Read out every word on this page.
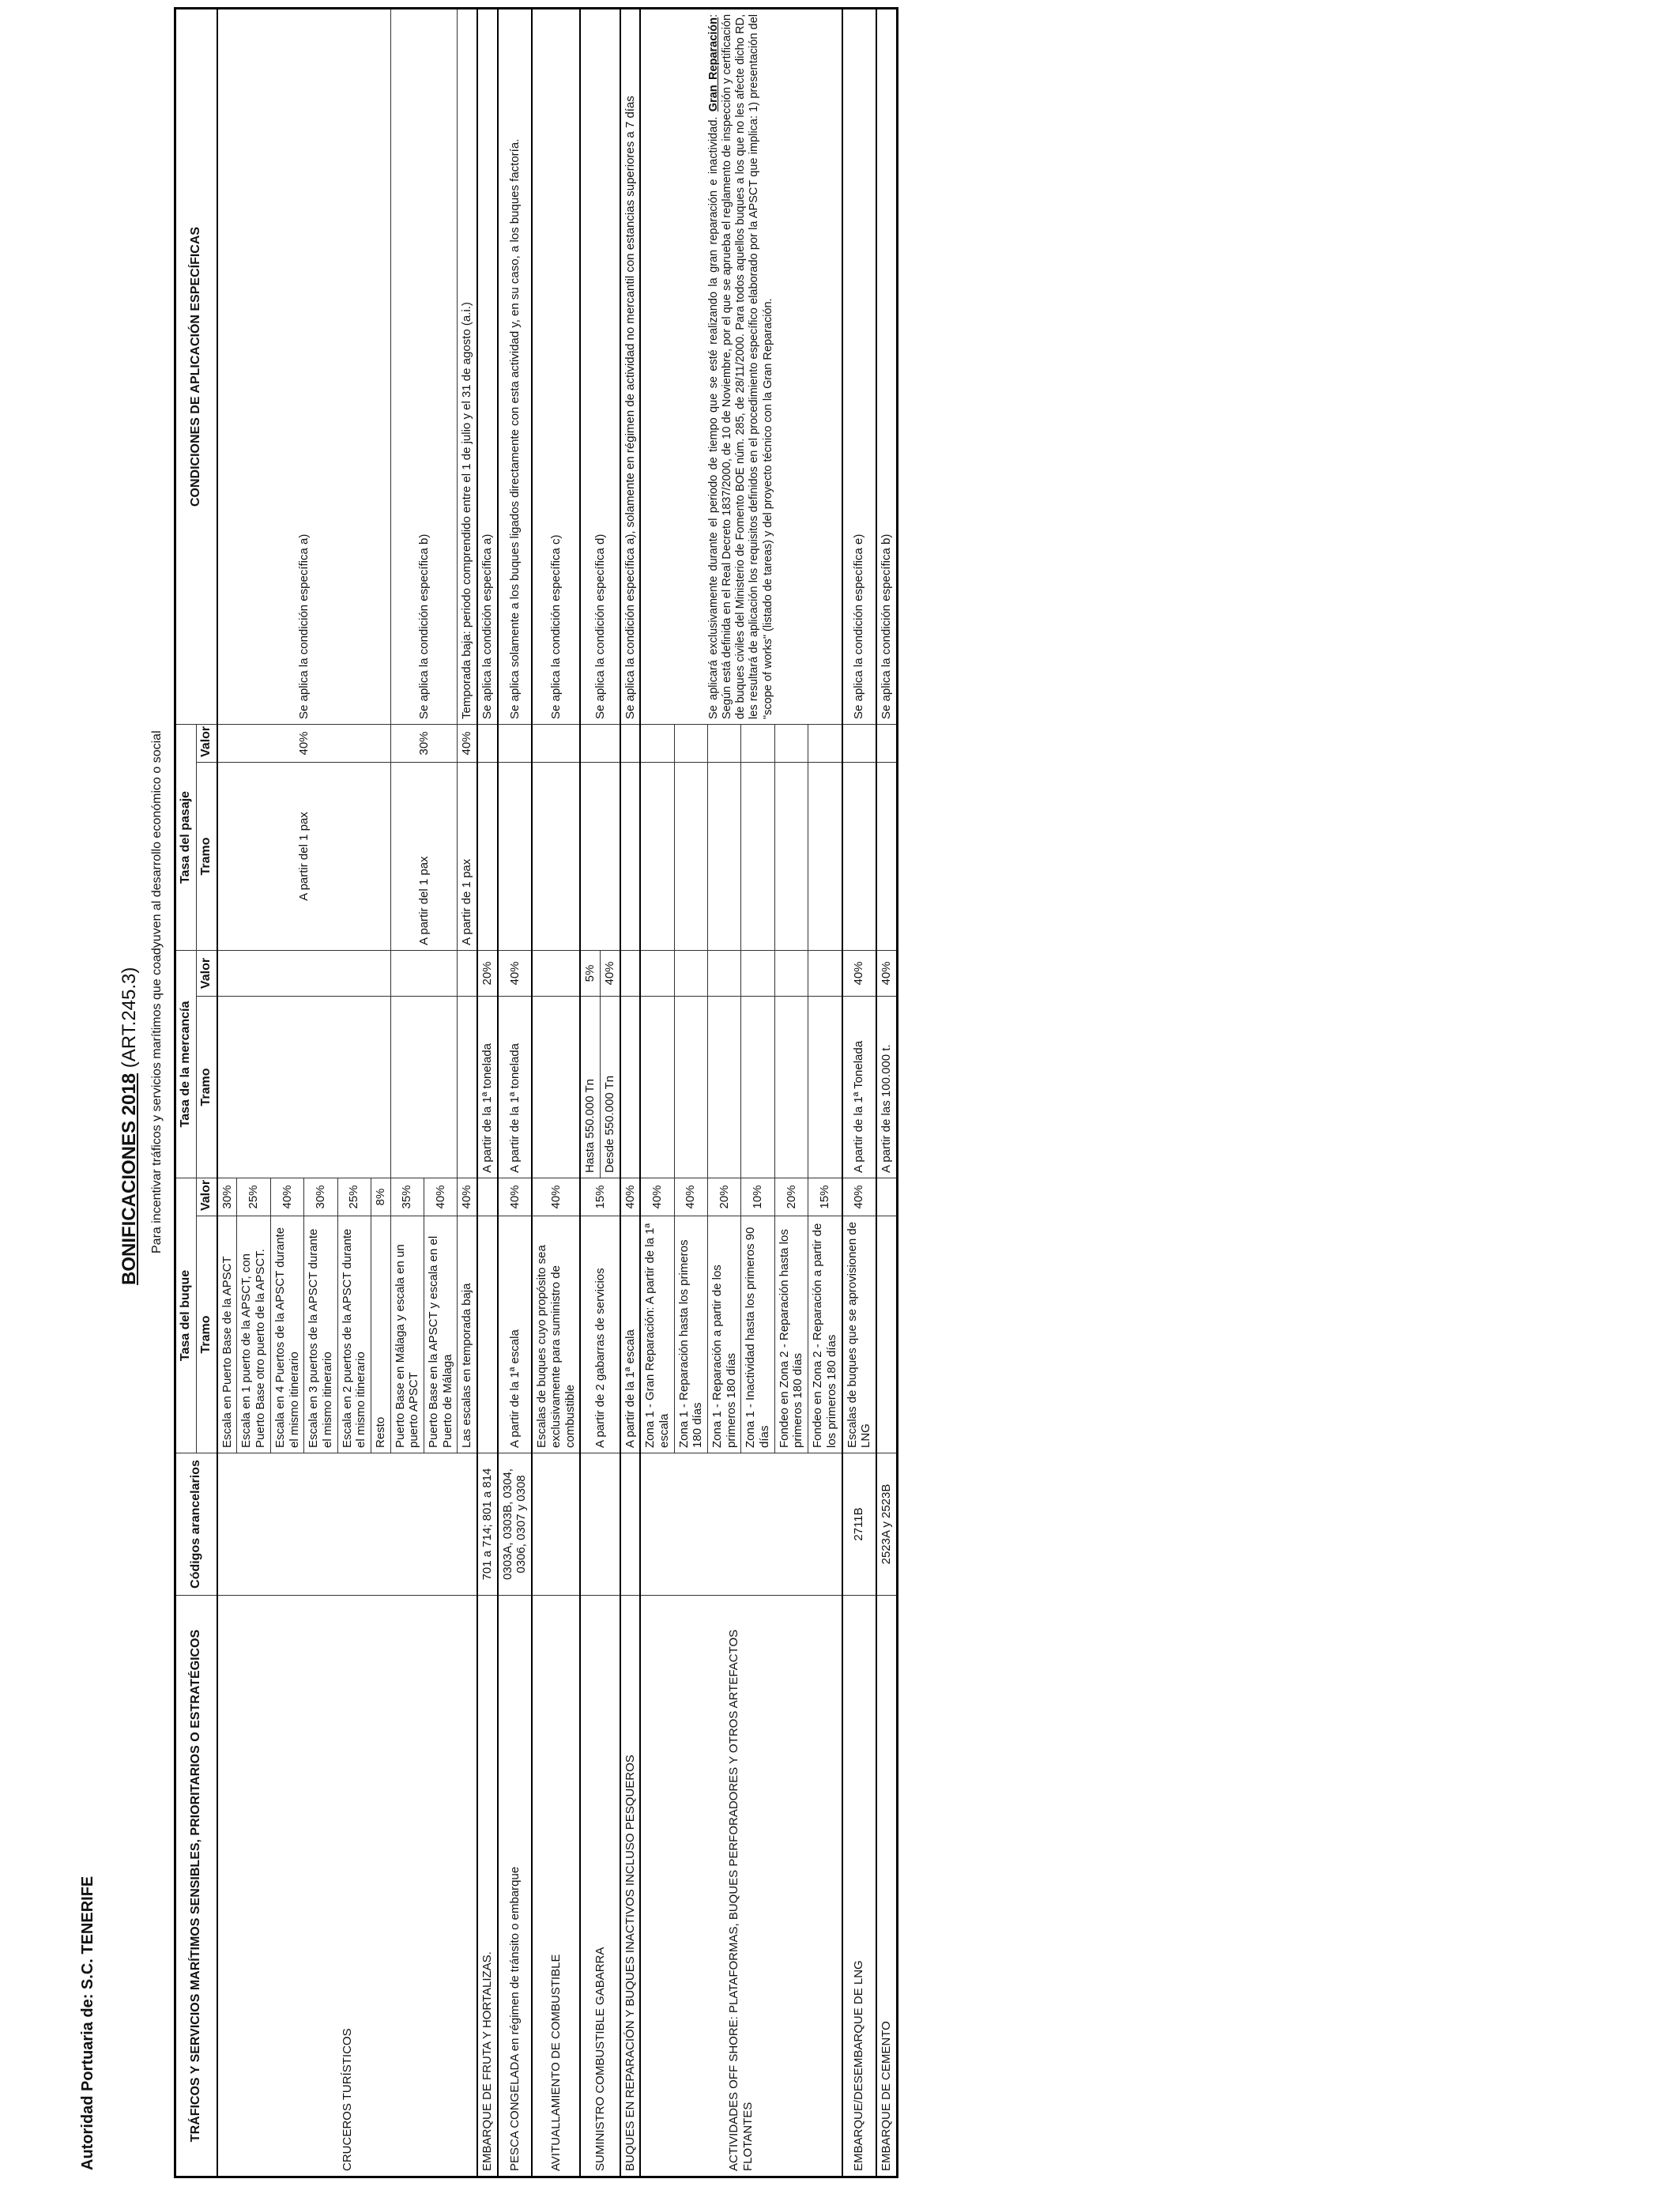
Autoridad Portuaria de: S.C. TENERIFE
BONIFICACIONES 2018 (ART.245.3) Para incentivar tráficos y servicios marítimos que coadyuven al desarrollo económico o social
TRÁFICOS Y SERVICIOS MARÍTIMOS SENSIBLES, PRIORITARIOS O ESTRATÉGICOS	Códigos arancelarios	Tasa del buque		Tasa de la mercancía		Tasa del pasaje		CONDICIONES DE APLICACIÓN ESPECÍFICAS
		Tramo	Valor	Tramo	Valor	Tramo	Valor	
CRUCEROS TURÍSTICOS		Escala en Puerto Base de la APSCT	30%			A partir del 1 pax	40%	Se aplica la condición específica a)
		Escala en 1 puerto de la APSCT, con Puerto Base otro puerto de la APSCT.	25%					
		Escala en 4 Puertos de la APSCT durante el mismo itinerario	40%					
		Escala en 3 puertos de la APSCT durante el mismo itinerario	30%					
		Escala en 2 puertos de la APSCT durante el mismo itinerario	25%					
		Resto	8%					
		Puerto Base en Málaga y escala en un puerto APSCT	35%			A partir del 1 pax	30%	Se aplica la condición específica b)
		Puerto Base en la APSCT y escala en el Puerto de Málaga	40%					
		Las escalas en temporada baja	40%			A partir de 1 pax	40%	Temporada baja: periodo comprendido entre el 1 de julio y el 31 de agosto (a.i.)
EMBARQUE DE FRUTA Y HORTALIZAS.	701 a 714; 801 a 814			A partir de la 1ª tonelada	20%			Se aplica la condición específica a)
PESCA CONGELADA en régimen de tránsito o embarque	0303A, 0303B, 0304, 0306, 0307 y 0308	A partir de la 1ª escala	40%	A partir de la 1ª tonelada	40%			Se aplica solamente a los buques ligados directamente con esta actividad y, en su caso, a los buques factoría.
AVITUALLAMIENTO DE COMBUSTIBLE		Escalas de buques cuyo propósito sea exclusivamente para suministro de combustible	40%					Se aplica la condición específica c)
SUMINISTRO COMBUSTIBLE GABARRA		A partir de 2 gabarras de servicios	15%	Hasta 550.000 Tn	5%			Se aplica la condición específica d)
				Desde 550.000 Tn	40%			
BUQUES EN REPARACIÓN Y BUQUES INACTIVOS INCLUSO PESQUEROS		A partir de la 1ª escala	40%					Se aplica la condición específica a), solamente en régimen de actividad no mercantil con estancias superiores a 7 días
ACTIVIDADES OFF SHORE: PLATAFORMAS, BUQUES PERFORADORES Y OTROS ARTEFACTOS FLOTANTES		Zona 1 - Gran Reparación: A partir de la 1ª escala	40%					Se aplicará exclusivamente durante el periodo de tiempo que se esté realizando la gran reparación e inactividad. Gran Reparación: Según está definida en el Real Decreto 1837/2000, de 10 de Noviembre, por el que se aprueba el reglamento de inspección y certificación de buques civiles del Ministerio de Fomento BOE núm. 285, de 28/11/2000. Para todos aquellos buques a los que no les afecte dicho RD, les resultará de aplicación los requisitos definidos en el procedimiento específico elaborado por la APSCT que implica: 1) presentación del "scope of works" (listado de tareas) y del proyecto técnico con la Gran Reparación.
		Zona 1 - Reparación hasta los primeros 180 días	40%					
		Zona 1 - Reparación a partir de los primeros 180 días	20%					
		Zona 1 - Inactividad hasta los primeros 90 días	10%					
		Fondeo en Zona 2 - Reparación hasta los primeros 180 días	20%					
		Fondeo en Zona 2 - Reparación a partir de los primeros 180 días	15%					
EMBARQUE/DESEMBARQUE DE LNG	2711B	Escalas de buques que se aprovisionen de LNG	40%	A partir de la 1ª Tonelada	40%			Se aplica la condición específica e)
EMBARQUE DE CEMENTO	2523A y 2523B			A partir de las 100.000 t.	40%			Se aplica la condición específica b)
